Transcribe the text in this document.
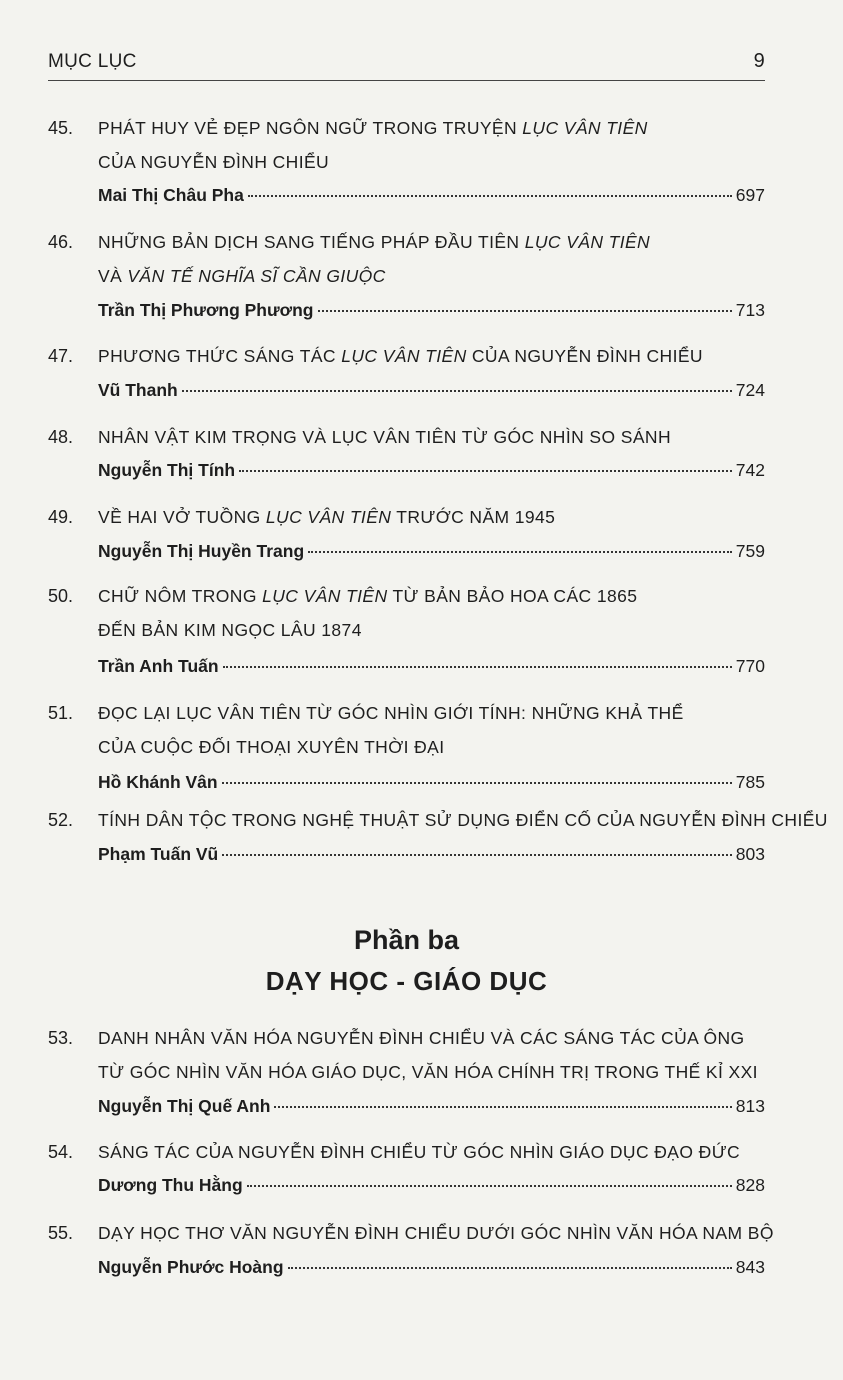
MỤC LỤC	9
Phần ba
DẠY HỌC - GIÁO DỤC
45. PHÁT HUY VẺ ĐẸP NGÔN NGỮ TRONG TRUYỆN LỤC VÂN TIÊN
CỦA NGUYỄN ĐÌNH CHIỂU
Mai Thị Châu Pha	697
46. NHỮNG BẢN DỊCH SANG TIẾNG PHÁP ĐẦU TIÊN LỤC VÂN TIÊN
VÀ VĂN TẾ NGHĨA SĨ CẦN GIUỘC
Trần Thị Phương Phương	713
47. PHƯƠNG THỨC SÁNG TÁC LỤC VÂN TIÊN CỦA NGUYỄN ĐÌNH CHIỂU
Vũ Thanh	724
48. NHÂN VẬT KIM TRỌNG VÀ LỤC VÂN TIÊN TỪ GÓC NHÌN SO SÁNH
Nguyễn Thị Tính	742
49. VỀ HAI VỞ TUỒNG LỤC VÂN TIÊN TRƯỚC NĂM 1945
Nguyễn Thị Huyền Trang	759
50. CHỮ NÔM TRONG LỤC VÂN TIÊN TỪ BẢN BẢO HOA CÁC 1865
ĐẾN BẢN KIM NGỌC LÂU 1874
Trần Anh Tuấn	770
51. ĐỌC LẠI LỤC VÂN TIÊN TỪ GÓC NHÌN GIỚI TÍNH: NHỮNG KHẢ THỂ
CỦA CUỘC ĐỐI THOẠI XUYÊN THỜI ĐẠI
Hồ Khánh Vân	785
52. TÍNH DÂN TỘC TRONG NGHỆ THUẬT SỬ DỤNG ĐIỂN CỐ CỦA NGUYỄN ĐÌNH CHIỂU
Phạm Tuấn Vũ	803
53. DANH NHÂN VĂN HÓA NGUYỄN ĐÌNH CHIỂU VÀ CÁC SÁNG TÁC CỦA ÔNG
TỪ GÓC NHÌN VĂN HÓA GIÁO DỤC, VĂN HÓA CHÍNH TRỊ TRONG THẾ KỈ XXI
Nguyễn Thị Quế Anh	813
54. SÁNG TÁC CỦA NGUYỄN ĐÌNH CHIỂU TỪ GÓC NHÌN GIÁO DỤC ĐẠO ĐỨC
Dương Thu Hằng	828
55. DẠY HỌC THƠ VĂN NGUYỄN ĐÌNH CHIỂU DƯỚI GÓC NHÌN VĂN HÓA NAM BỘ
Nguyễn Phước Hoàng	843
